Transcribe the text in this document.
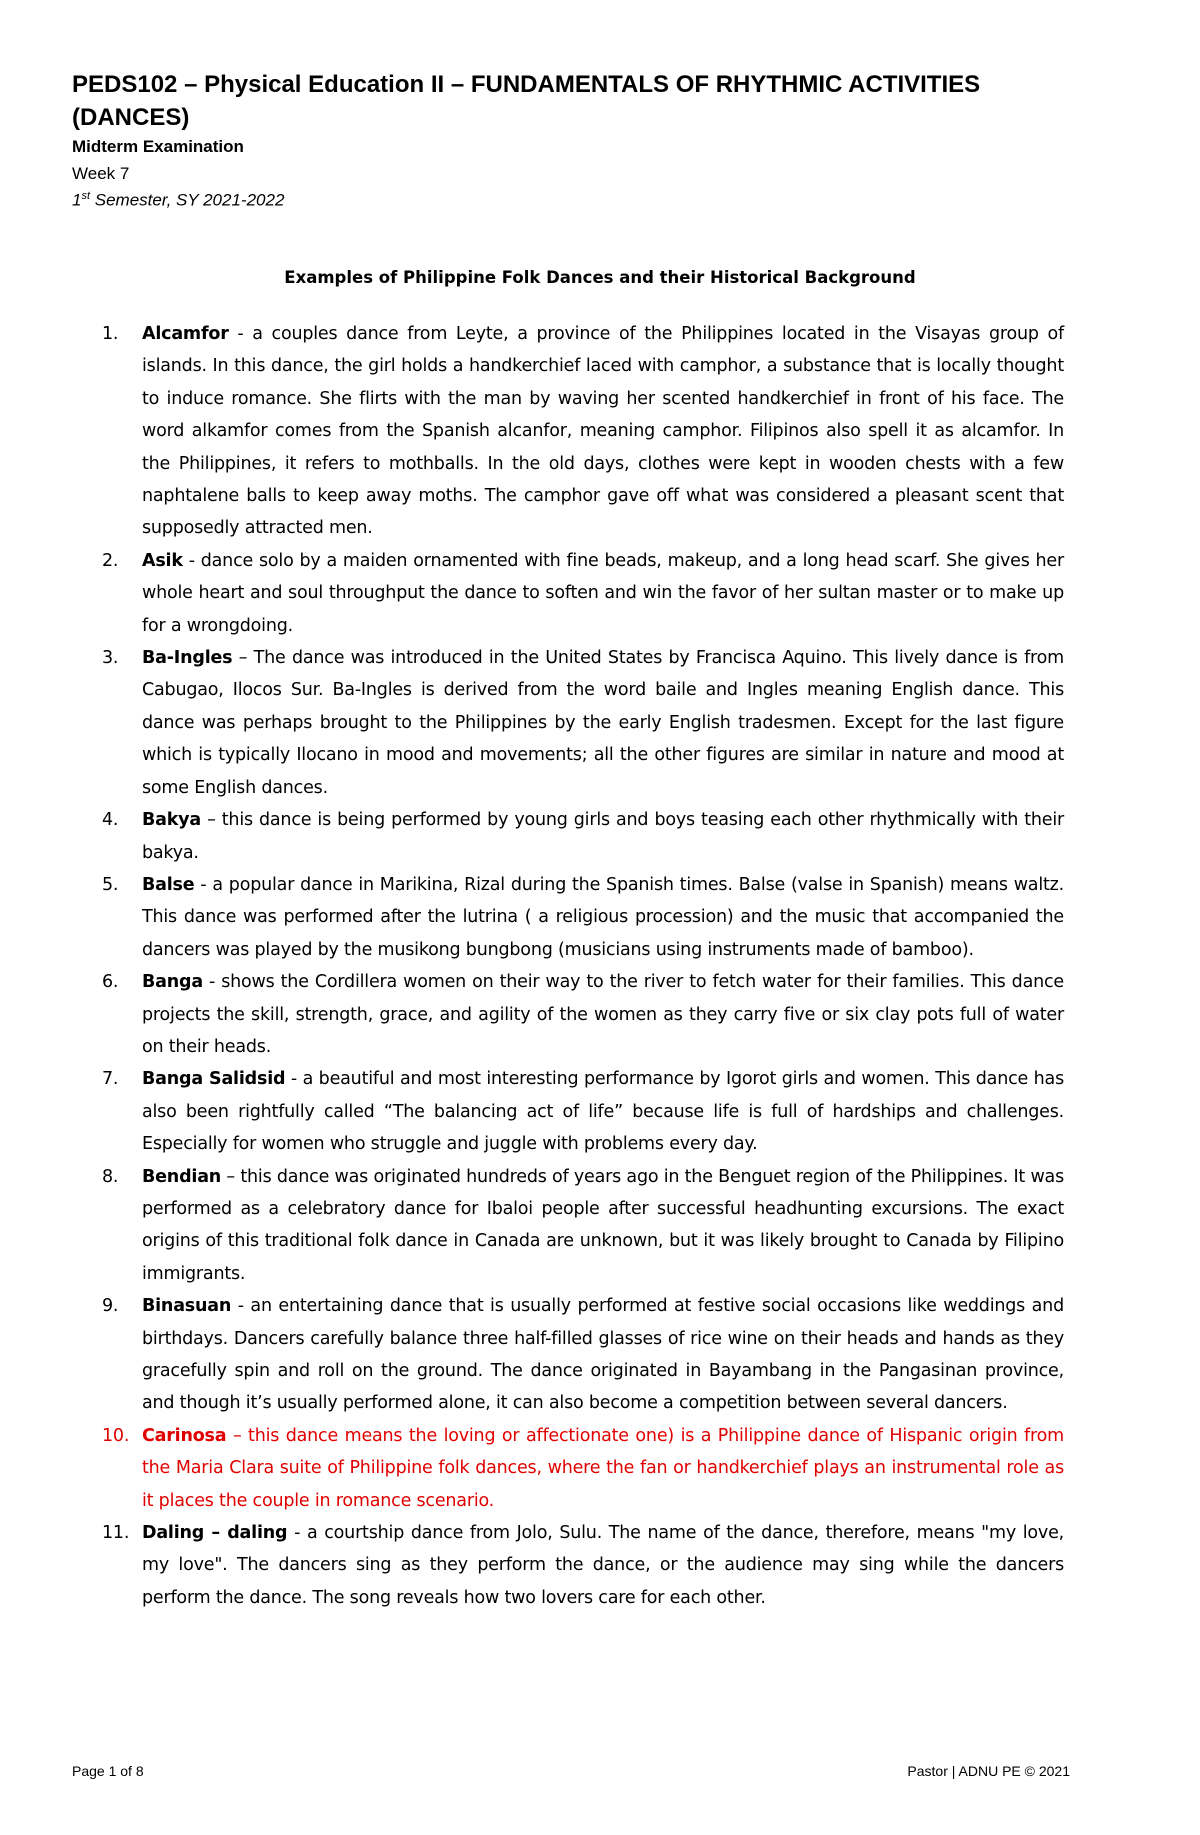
PEDS102 – Physical Education II – FUNDAMENTALS OF RHYTHMIC ACTIVITIES (DANCES)
Midterm Examination
Week 7
1st Semester, SY 2021-2022
Examples of Philippine Folk Dances and their Historical Background
1. Alcamfor - a couples dance from Leyte, a province of the Philippines located in the Visayas group of islands. In this dance, the girl holds a handkerchief laced with camphor, a substance that is locally thought to induce romance. She flirts with the man by waving her scented handkerchief in front of his face. The word alkamfor comes from the Spanish alcanfor, meaning camphor. Filipinos also spell it as alcamfor. In the Philippines, it refers to mothballs. In the old days, clothes were kept in wooden chests with a few naphtalene balls to keep away moths. The camphor gave off what was considered a pleasant scent that supposedly attracted men.
2. Asik - dance solo by a maiden ornamented with fine beads, makeup, and a long head scarf. She gives her whole heart and soul throughput the dance to soften and win the favor of her sultan master or to make up for a wrongdoing.
3. Ba-Ingles – The dance was introduced in the United States by Francisca Aquino. This lively dance is from Cabugao, Ilocos Sur. Ba-Ingles is derived from the word baile and Ingles meaning English dance. This dance was perhaps brought to the Philippines by the early English tradesmen. Except for the last figure which is typically Ilocano in mood and movements; all the other figures are similar in nature and mood at some English dances.
4. Bakya – this dance is being performed by young girls and boys teasing each other rhythmically with their bakya.
5. Balse - a popular dance in Marikina, Rizal during the Spanish times. Balse (valse in Spanish) means waltz. This dance was performed after the lutrina ( a religious procession) and the music that accompanied the dancers was played by the musikong bungbong (musicians using instruments made of bamboo).
6. Banga - shows the Cordillera women on their way to the river to fetch water for their families. This dance projects the skill, strength, grace, and agility of the women as they carry five or six clay pots full of water on their heads.
7. Banga Salidsid - a beautiful and most interesting performance by Igorot girls and women. This dance has also been rightfully called “The balancing act of life” because life is full of hardships and challenges. Especially for women who struggle and juggle with problems every day.
8. Bendian – this dance was originated hundreds of years ago in the Benguet region of the Philippines. It was performed as a celebratory dance for Ibaloi people after successful headhunting excursions. The exact origins of this traditional folk dance in Canada are unknown, but it was likely brought to Canada by Filipino immigrants.
9. Binasuan - an entertaining dance that is usually performed at festive social occasions like weddings and birthdays. Dancers carefully balance three half-filled glasses of rice wine on their heads and hands as they gracefully spin and roll on the ground. The dance originated in Bayambang in the Pangasinan province, and though it’s usually performed alone, it can also become a competition between several dancers.
10. Carinosa – this dance means the loving or affectionate one) is a Philippine dance of Hispanic origin from the Maria Clara suite of Philippine folk dances, where the fan or handkerchief plays an instrumental role as it places the couple in romance scenario.
11. Daling – daling - a courtship dance from Jolo, Sulu. The name of the dance, therefore, means "my love, my love". The dancers sing as they perform the dance, or the audience may sing while the dancers perform the dance. The song reveals how two lovers care for each other.
Page 1 of 8	Pastor | ADNU PE © 2021
